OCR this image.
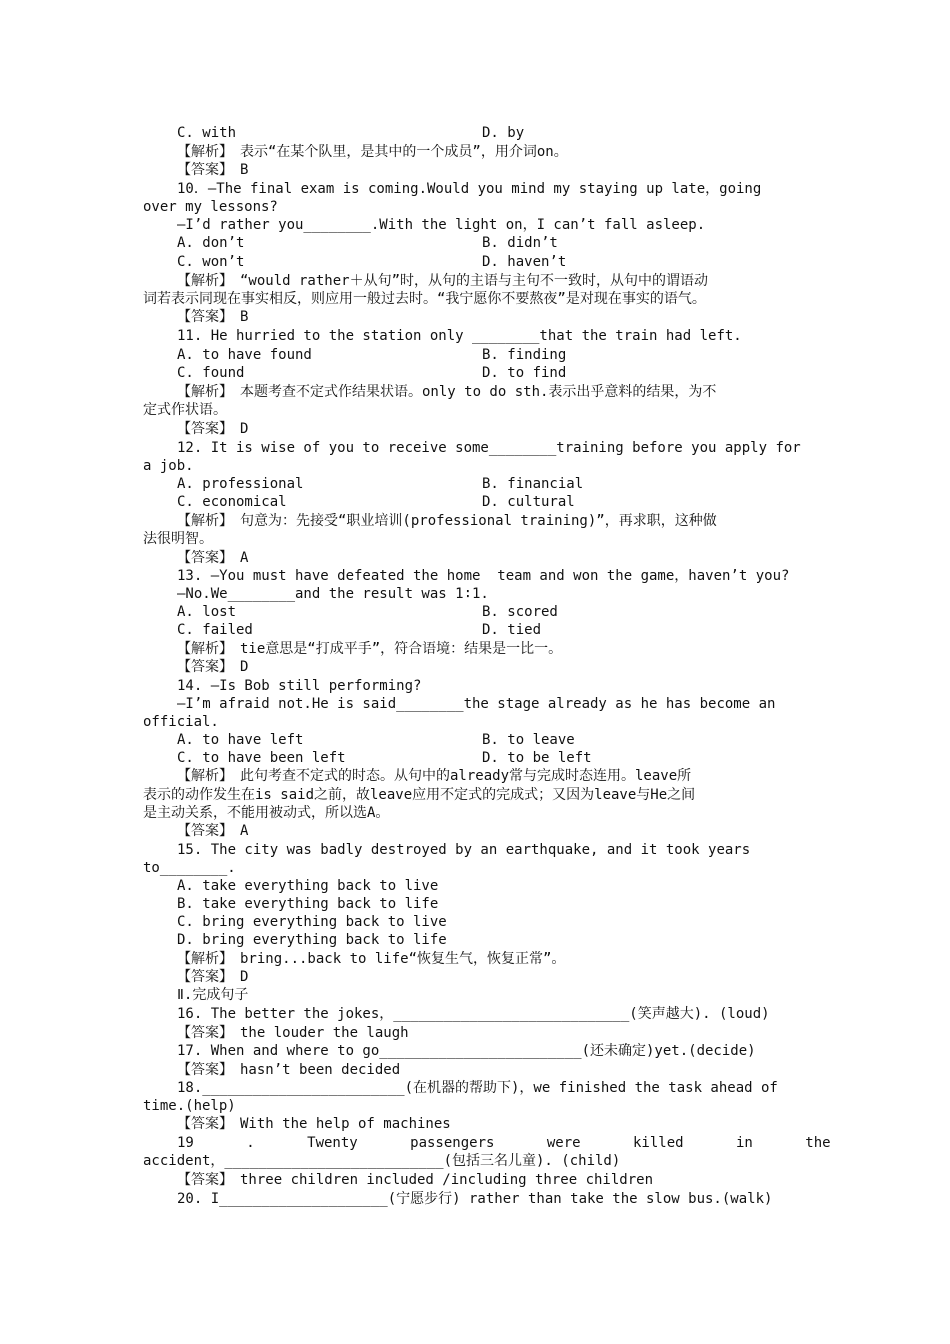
C. with	D. by
【解析】　表示“在某个队里，是其中的一个成员”，用介词on。
【答案】　B
10．—The final exam is coming.Would you mind my staying up late，going
over my lessons?
—I’d rather you________.With the light on，I can’t fall asleep.
A. don’t	B. didn’t
C. won’t	D. haven’t
【解析】　“would rather＋从句”时，从句的主语与主句不一致时，从句中的谓语动
词若表示同现在事实相反，则应用一般过去时。“我宁愿你不要熬夜”是对现在事实的语气。
【答案】　B
11. He hurried to the station only ________that the train had left.
A. to have found	B. finding
C. found	D. to find
【解析】　本题考查不定式作结果状语。only to do sth.表示出乎意料的结果，为不
定式作状语。
【答案】　D
12. It is wise of you to receive some________training before you apply for
a job.
A. professional	B. financial
C. economical	D. cultural
【解析】　句意为：先接受“职业培训(professional training)”，再求职，这种做
法很明智。
【答案】　A
13. —You must have defeated the home  team and won the game，haven’t you?
—No.We________and the result was 1∶1.
A. lost	B. scored
C. failed	D. tied
【解析】　tie意思是“打成平手”，符合语境：结果是一比一。
【答案】　D
14. —Is Bob still performing?
—I’m afraid not.He is said________the stage already as he has become an
official.
A. to have left	B. to leave
C. to have been left	D. to be left
【解析】　此句考查不定式的时态。从句中的already常与完成时态连用。leave所
表示的动作发生在is said之前，故leave应用不定式的完成式；又因为leave与He之间
是主动关系，不能用被动式，所以选A。
【答案】　A
15. The city was badly destroyed by an earthquake, and it took years
to________.
A. take everything back to live
B. take everything back to life
C. bring everything back to live
D. bring everything back to life
【解析】　bring...back to life“恢复生气，恢复正常”。
【答案】　D
Ⅱ.完成句子
16. The better the jokes，____________________________(笑声越大). (loud)
【答案】　the louder the laugh
17. When and where to go________________________(还未确定)yet.(decide)
【答案】　hasn’t been decided
18.________________________(在机器的帮助下)，we finished the task ahead of
time.(help)
【答案】　With the help of machines
19 . Twenty passengers were killed in the
accident，__________________________(包括三名儿童). (child)
【答案】　three children included /including three children
20. I____________________(宁愿步行) rather than take the slow bus.(walk)
